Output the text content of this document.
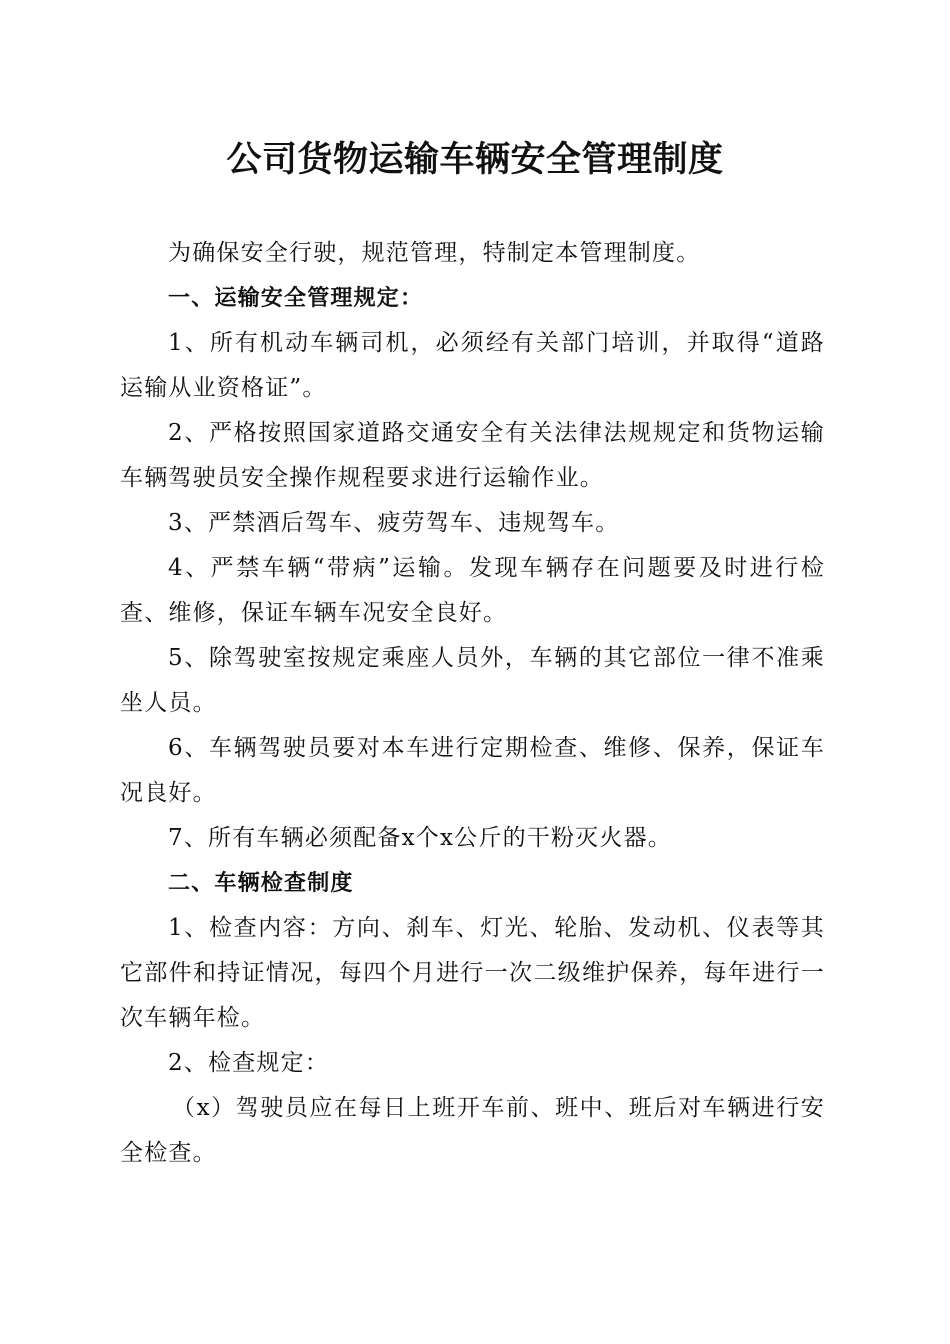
公司货物运输车辆安全管理制度

为确保安全行驶，规范管理，特制定本管理制度。

一、运输安全管理规定：

1、所有机动车辆司机，必须经有关部门培训，并取得“道路运输从业资格证”。

2、严格按照国家道路交通安全有关法律法规规定和货物运输车辆驾驶员安全操作规程要求进行运输作业。

3、严禁酒后驾车、疲劳驾车、违规驾车。

4、严禁车辆“带病”运输。发现车辆存在问题要及时进行检查、维修，保证车辆车况安全良好。

5、除驾驶室按规定乘座人员外，车辆的其它部位一律不准乘坐人员。

6、车辆驾驶员要对本车进行定期检查、维修、保养，保证车况良好。

7、所有车辆必须配备x个x公斤的干粉灭火器。

二、车辆检查制度

1、检查内容：方向、刹车、灯光、轮胎、发动机、仪表等其它部件和持证情况，每四个月进行一次二级维护保养，每年进行一次车辆年检。

2、检查规定：

（x）驾驶员应在每日上班开车前、班中、班后对车辆进行安全检查。
